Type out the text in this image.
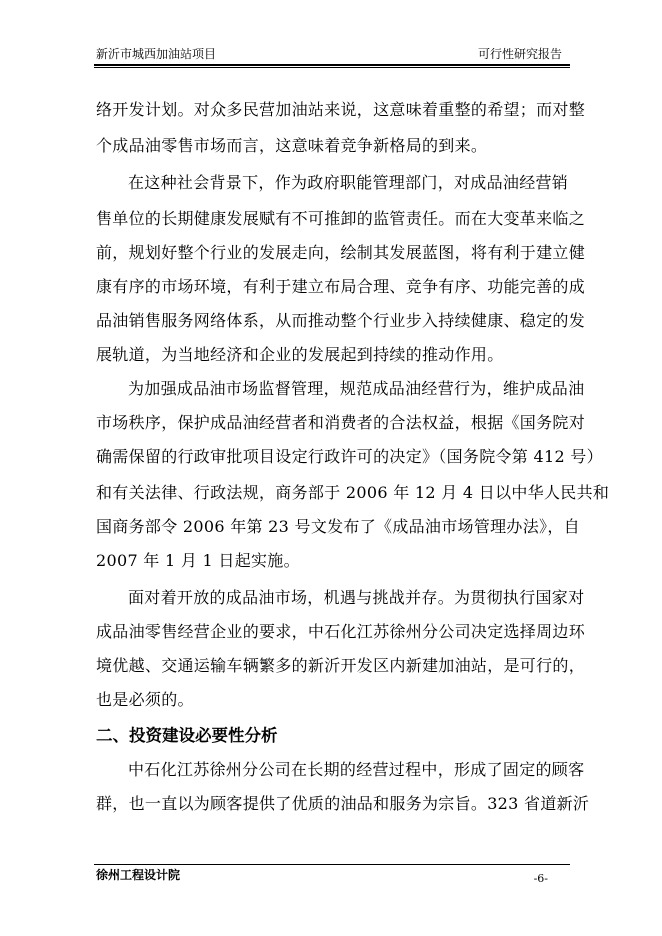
新沂市城西加油站项目	可行性研究报告
络开发计划。对众多民营加油站来说，这意味着重整的希望；而对整
个成品油零售市场而言，这意味着竞争新格局的到来。
在这种社会背景下，作为政府职能管理部门，对成品油经营销
售单位的长期健康发展赋有不可推卸的监管责任。而在大变革来临之
前，规划好整个行业的发展走向，绘制其发展蓝图，将有利于建立健
康有序的市场环境，有利于建立布局合理、竞争有序、功能完善的成
品油销售服务网络体系，从而推动整个行业步入持续健康、稳定的发
展轨道，为当地经济和企业的发展起到持续的推动作用。
为加强成品油市场监督管理，规范成品油经营行为，维护成品油
市场秩序，保护成品油经营者和消费者的合法权益，根据《国务院对
确需保留的行政审批项目设定行政许可的决定》（国务院令第 412 号）
和有关法律、行政法规，商务部于 2006 年 12 月 4 日以中华人民共和
国商务部令 2006 年第 23 号文发布了《成品油市场管理办法》，自
2007 年 1 月 1 日起实施。
面对着开放的成品油市场，机遇与挑战并存。为贯彻执行国家对
成品油零售经营企业的要求，中石化江苏徐州分公司决定选择周边环
境优越、交通运输车辆繁多的新沂开发区内新建加油站，是可行的，
也是必须的。
二、投资建设必要性分析
中石化江苏徐州分公司在长期的经营过程中，形成了固定的顾客
群，也一直以为顾客提供了优质的油品和服务为宗旨。323 省道新沂
徐州工程设计院	-6-
